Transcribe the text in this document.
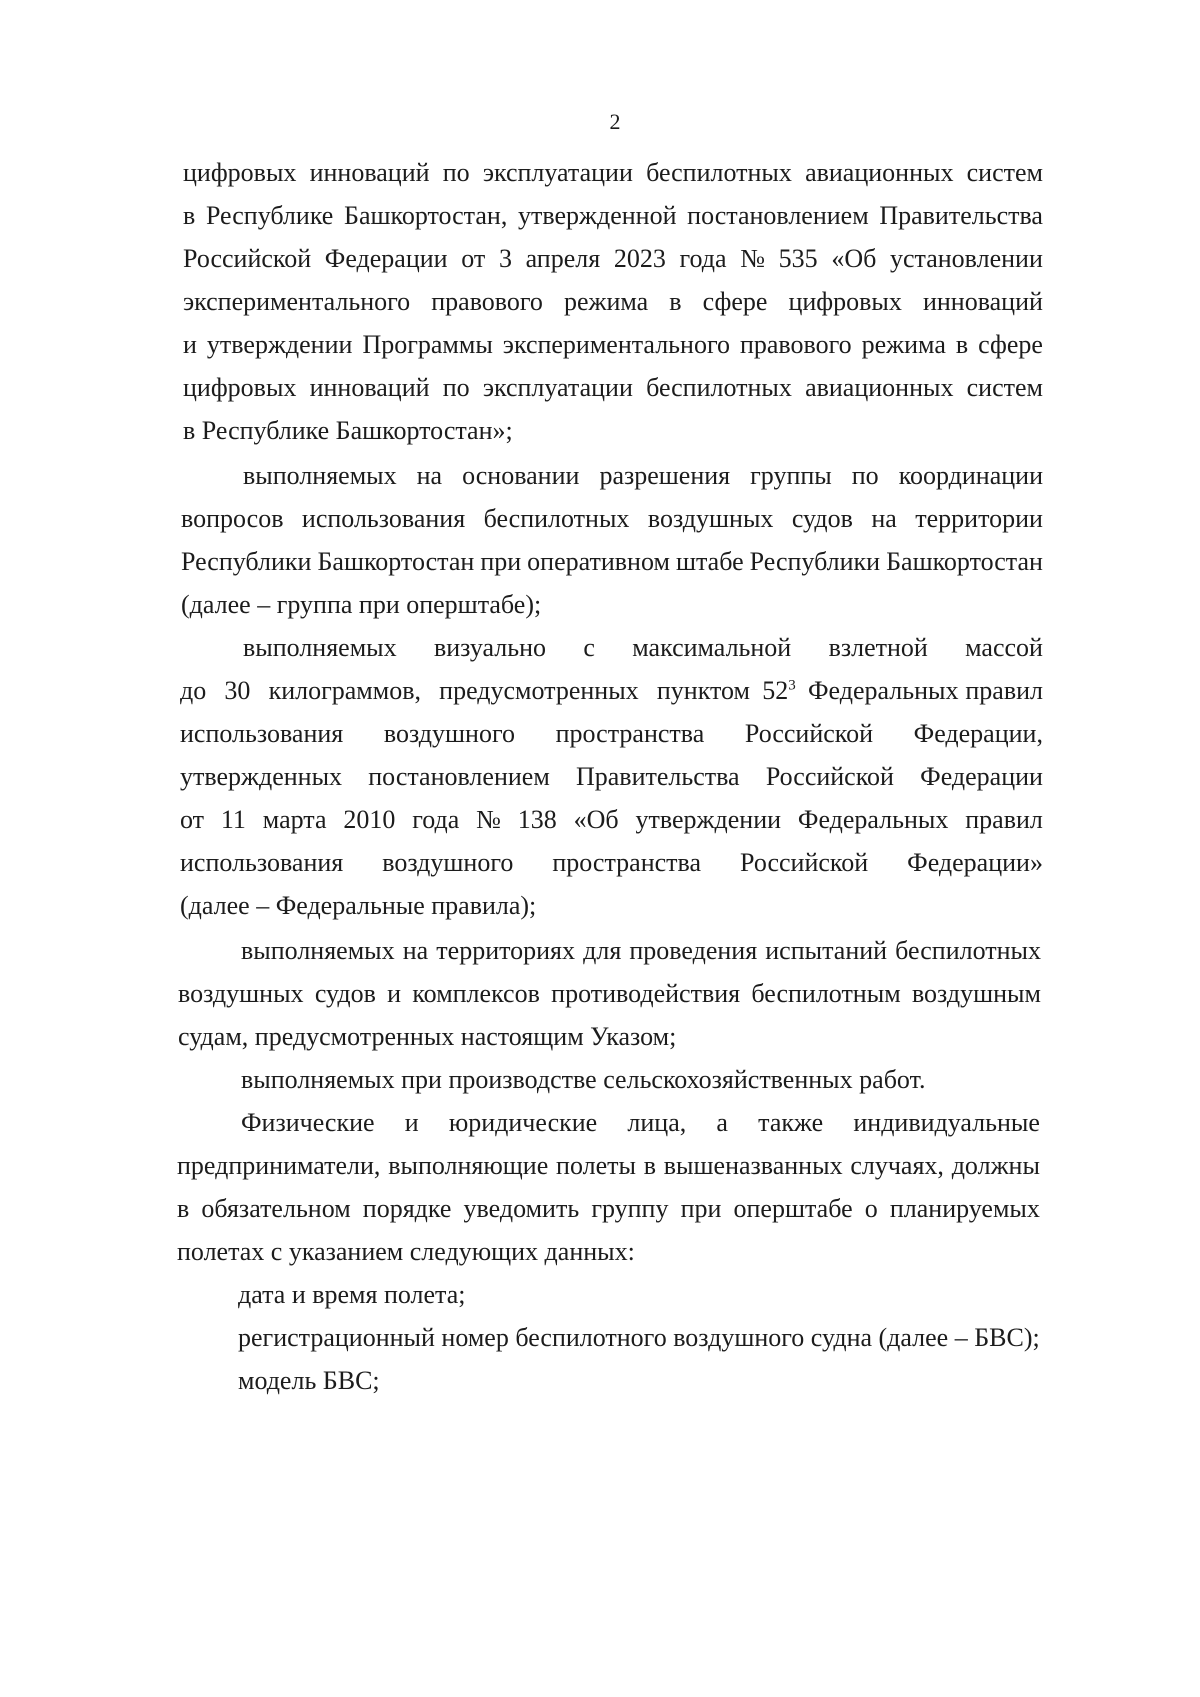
2
цифровых инноваций по эксплуатации беспилотных авиационных систем
в Республике Башкортостан, утвержденной постановлением Правительства
Российской Федерации от 3 апреля 2023 года № 535 «Об установлении
экспериментального правового режима в сфере цифровых инноваций
и утверждении Программы экспериментального правового режима в сфере
цифровых инноваций по эксплуатации беспилотных авиационных систем
в Республике Башкортостан»;
выполняемых на основании разрешения группы по координации
вопросов использования беспилотных воздушных судов на территории
Республики Башкортостан при оперативном штабе Республики Башкортостан
(далее – группа при оперштабе);
выполняемых визуально с максимальной взлетной массой
до 30 килограммов, предусмотренных пунктом $52^3$ Федеральных правил
использования воздушного пространства Российской Федерации,
утвержденных постановлением Правительства Российской Федерации
от 11 марта 2010 года № 138 «Об утверждении Федеральных правил
использования воздушного пространства Российской Федерации»
(далее – Федеральные правила);
выполняемых на территориях для проведения испытаний беспилотных
воздушных судов и комплексов противодействия беспилотным воздушным
судам, предусмотренных настоящим Указом;
выполняемых при производстве сельскохозяйственных работ.
Физические и юридические лица, а также индивидуальные
предприниматели, выполняющие полеты в вышеназванных случаях, должны
в обязательном порядке уведомить группу при оперштабе о планируемых
полетах с указанием следующих данных:
дата и время полета;
регистрационный номер беспилотного воздушного судна (далее – БВС);
модель БВС;
